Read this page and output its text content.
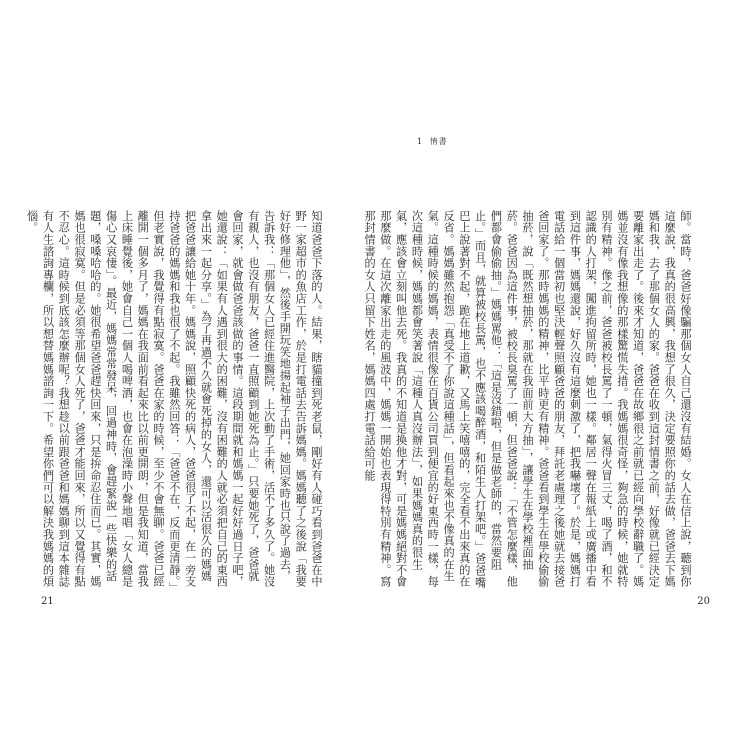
知道爸爸下落的人。結果，瞎貓撞到死老鼠，剛好有人碰巧看到爸爸在中野一家超市的魚店工作，於是打電話去告訴媽媽。媽媽聽了之後說「我要好好修理他」，然後手開玩笑地揚起袖子出門，她回家時也只說了過去，告訴我：「那個女人已經住進醫院，上次動了手術，活不了多久了。她沒有親人，也沒有朋友，爸爸一直照顧到她死為止。」只要她死了，爸爸就會回家，就會做爸爸該做的事情。這段期間就和媽媽一起好好過日子吧，她還說：「如果有人遇到很大的困難，沒有困難的人就必須把自己的東西拿出來一起分享。」為了再過不久就會死掉的女人，還可以活很久的媽媽把爸爸讓給她十年。媽媽說，照顧快死的病人，爸爸很了不起，在一旁支持爸爸的媽媽和我也很了不起。我雖然回答：「爸爸不在，反而更清靜。」但老實說，我覺得有點寂寞。爸爸在家的時候，至少不會無聊。爸爸已經離開一個多月了，媽媽在我面前看起來比以前更開朗，但是我知道，當我上床睡覺後，她會自己一個人喝啤酒，也會在泡澡時小聲地唱「女人總是傷心又哀悽」。最近，媽媽常常發呆，回過神時，會趕緊說一些快樂的話題，嗓嗓哈哈的。她很希望爸爸趕快回來，只是拚命忍住而已。其實，媽媽也很寂寞。但是必須等那個女人死了，爸爸才能回來，所以又覺得有點不忍心。這時候到底該怎麼辦呢？我想趁以前跟爸爸和媽媽聊到這本雜誌有人生諮詢專欄，所以想替媽媽諮詢一下。希望你們可以解決我媽媽的煩惱。
21
1 情書
師。當時，爸爸好像騙那個女人自己還沒有結婚。女人在信上說，聽到你這麼說，我真的很高興，我想了很久，決定要照你的話去做，爸爸去下媽媽和我，去了那個女人的家。爸爸在收到這封情書之前，好像就已經決定要離家出走了。後來才知道，爸爸在故鄉很之前就已經向學校辭職了。媽媽並沒有像我想像的那樣驚慌失措。我媽媽很奇怪，夠急的時候，她就特別有精神。像之前，爸爸被校長罵了一頓，氣得火冒三丈，喝了酒，和不認識的人打架，闖進拘留所時，她也一樣。鄰居一聲在報紙上或廣播中看到這件事，媽媽還說，好久沒有這麼刺激了，把我嚇壞了。於是，媽媽打電話給一個當初也堅決輕聲照顧爸爸的朋友，拜託老處理之後她就去接爸爸回家了。那時媽媽的精神，比平時更有精神。爸爸看到學生在學校偷偷抽菸，說「既然想抽菸，那就在我面前大方抽」，讓學生在學校裡面抽菸。爸爸因為這件事，被校長臭罵了一頓，但爸爸說：「不管怎麼樣，他們都會偷偷抽。」媽媽罵他：「這是沒錯啦，但是做老師的，當然要阻止。」而且，就算被校長罵，也不應該喝醉酒，和陌生人打架吧。」爸爸嘴巴上說著對不起，跪在地上道歉，又馬上笑嘻嘻的，完全看不出來真的在反省。媽媽雖然抱怨「真受不了你說這種話」，但看起來也不像真的在生氣。這種時候的媽媽，表情很像在百貨公司買到便宜的好東西時一樣，每次這種時候，媽媽都會笑著說「這種人真沒辦法」，如果媽媽真的很生氣，應該會立刻叫他去死。我真的不知道是換他才對，可是媽媽絕對不會那麼做。在這次離家出走的風波中，媽媽一開始也表現得特別有精神。寫那封情書的女人只留下姓名，媽媽四處打電話給可能
20
